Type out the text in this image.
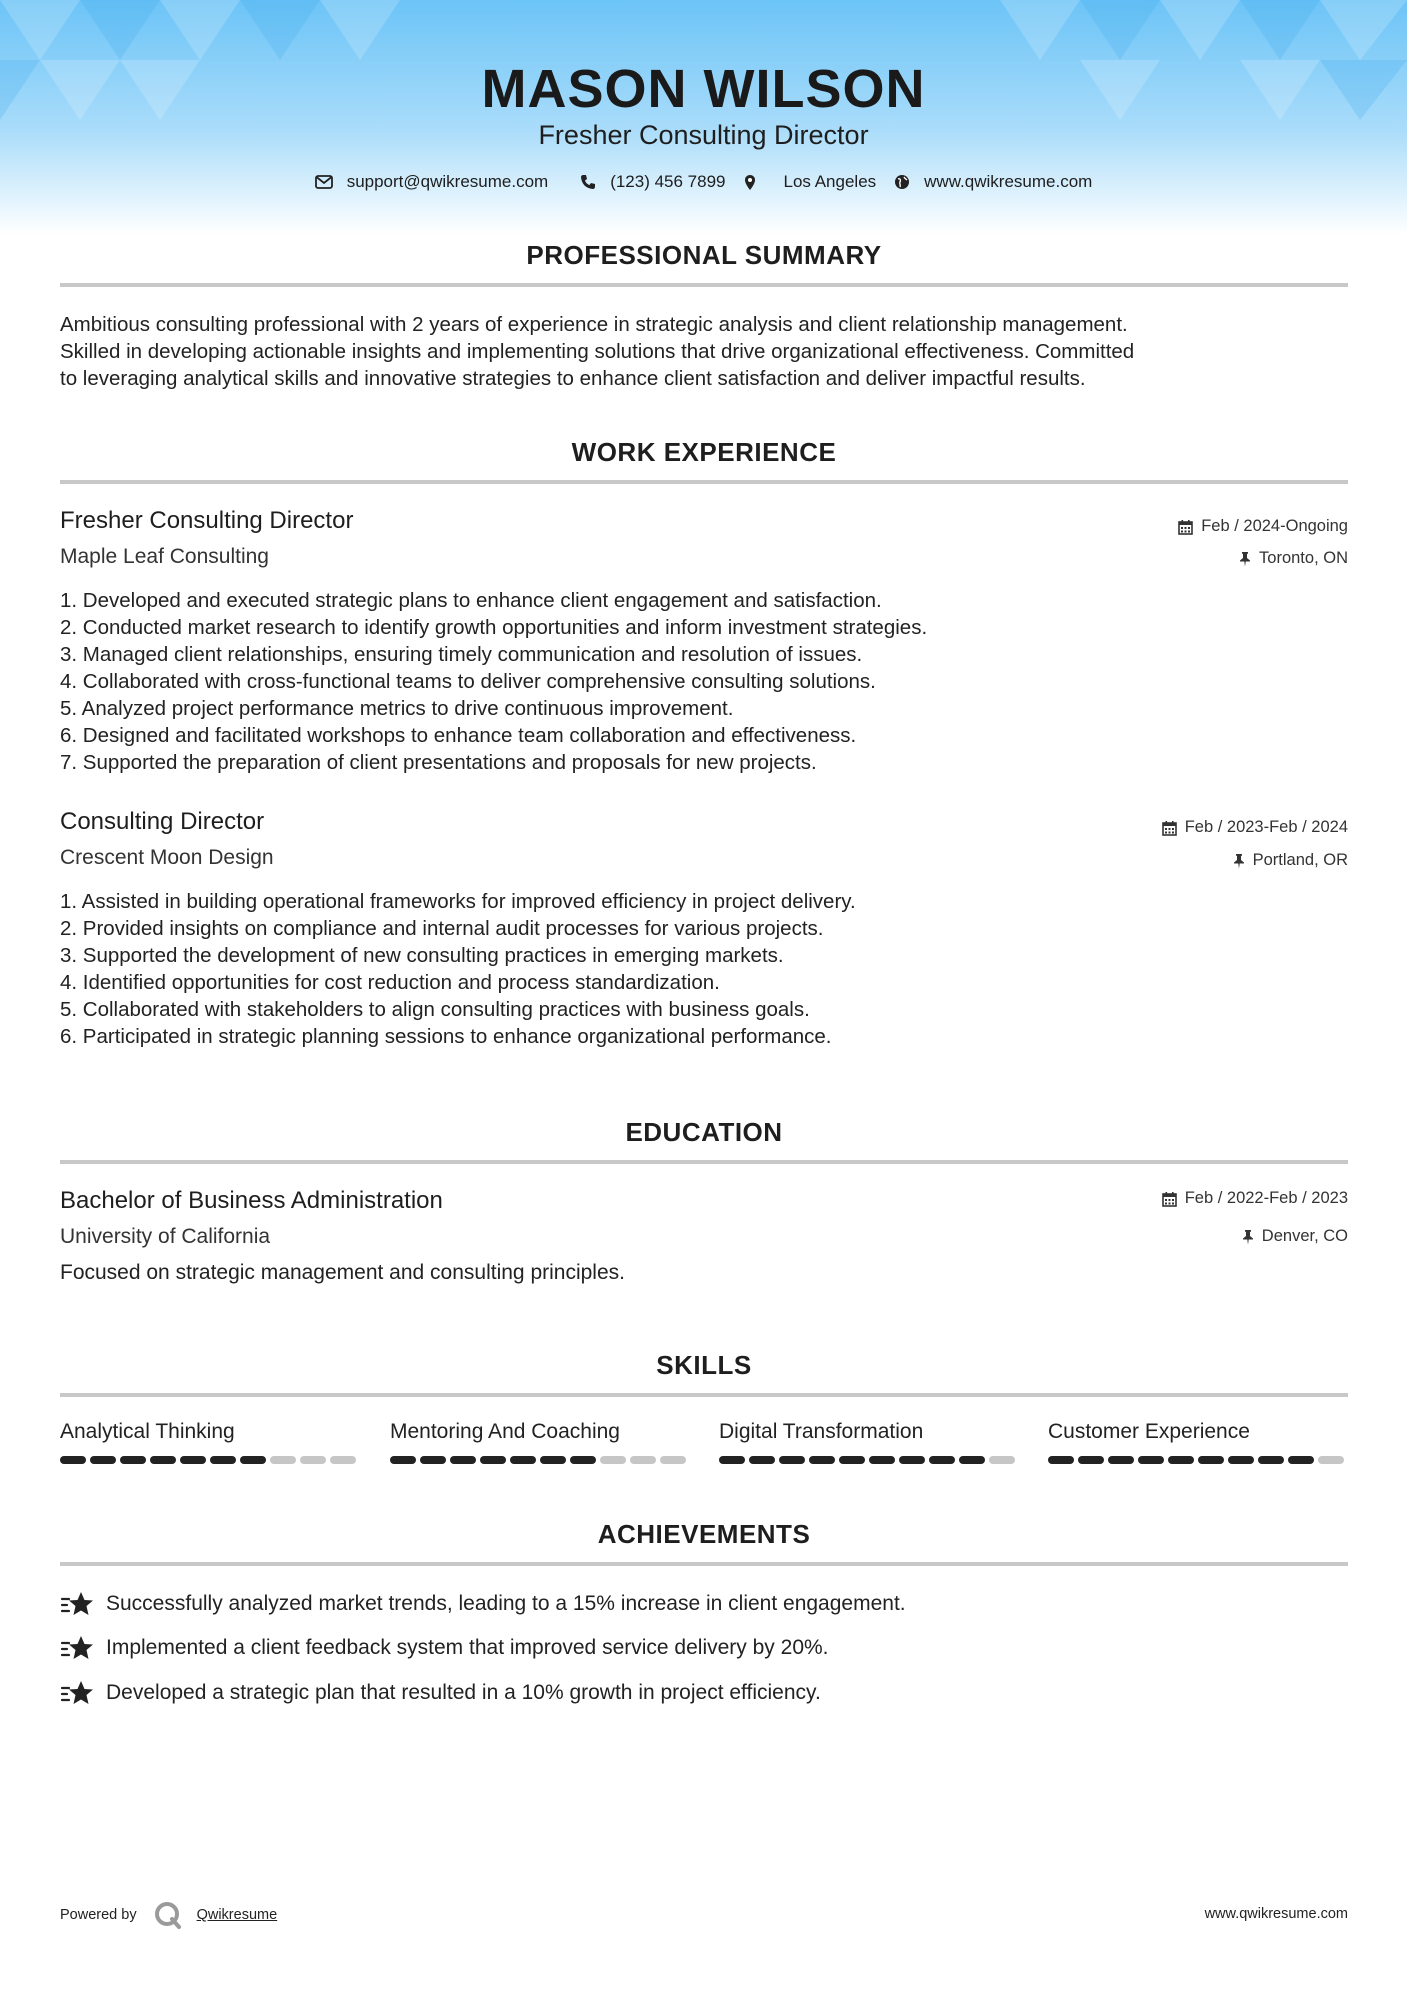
MASON WILSON
Fresher Consulting Director
support@qwikresume.com	(123) 456 7899	Los Angeles	www.qwikresume.com
PROFESSIONAL SUMMARY
Ambitious consulting professional with 2 years of experience in strategic analysis and client relationship management.
Skilled in developing actionable insights and implementing solutions that drive organizational effectiveness. Committed
to leveraging analytical skills and innovative strategies to enhance client satisfaction and deliver impactful results.
WORK EXPERIENCE
Fresher Consulting Director	Feb / 2024-Ongoing
Maple Leaf Consulting	Toronto, ON
1. Developed and executed strategic plans to enhance client engagement and satisfaction.
2. Conducted market research to identify growth opportunities and inform investment strategies.
3. Managed client relationships, ensuring timely communication and resolution of issues.
4. Collaborated with cross-functional teams to deliver comprehensive consulting solutions.
5. Analyzed project performance metrics to drive continuous improvement.
6. Designed and facilitated workshops to enhance team collaboration and effectiveness.
7. Supported the preparation of client presentations and proposals for new projects.
Consulting Director	Feb / 2023-Feb / 2024
Crescent Moon Design	Portland, OR
1. Assisted in building operational frameworks for improved efficiency in project delivery.
2. Provided insights on compliance and internal audit processes for various projects.
3. Supported the development of new consulting practices in emerging markets.
4. Identified opportunities for cost reduction and process standardization.
5. Collaborated with stakeholders to align consulting practices with business goals.
6. Participated in strategic planning sessions to enhance organizational performance.
EDUCATION
Bachelor of Business Administration	Feb / 2022-Feb / 2023
University of California	Denver, CO
Focused on strategic management and consulting principles.
SKILLS
Analytical Thinking	Mentoring And Coaching	Digital Transformation	Customer Experience
ACHIEVEMENTS
Successfully analyzed market trends, leading to a 15% increase in client engagement.
Implemented a client feedback system that improved service delivery by 20%.
Developed a strategic plan that resulted in a 10% growth in project efficiency.
Powered by	Qwikresume	www.qwikresume.com
